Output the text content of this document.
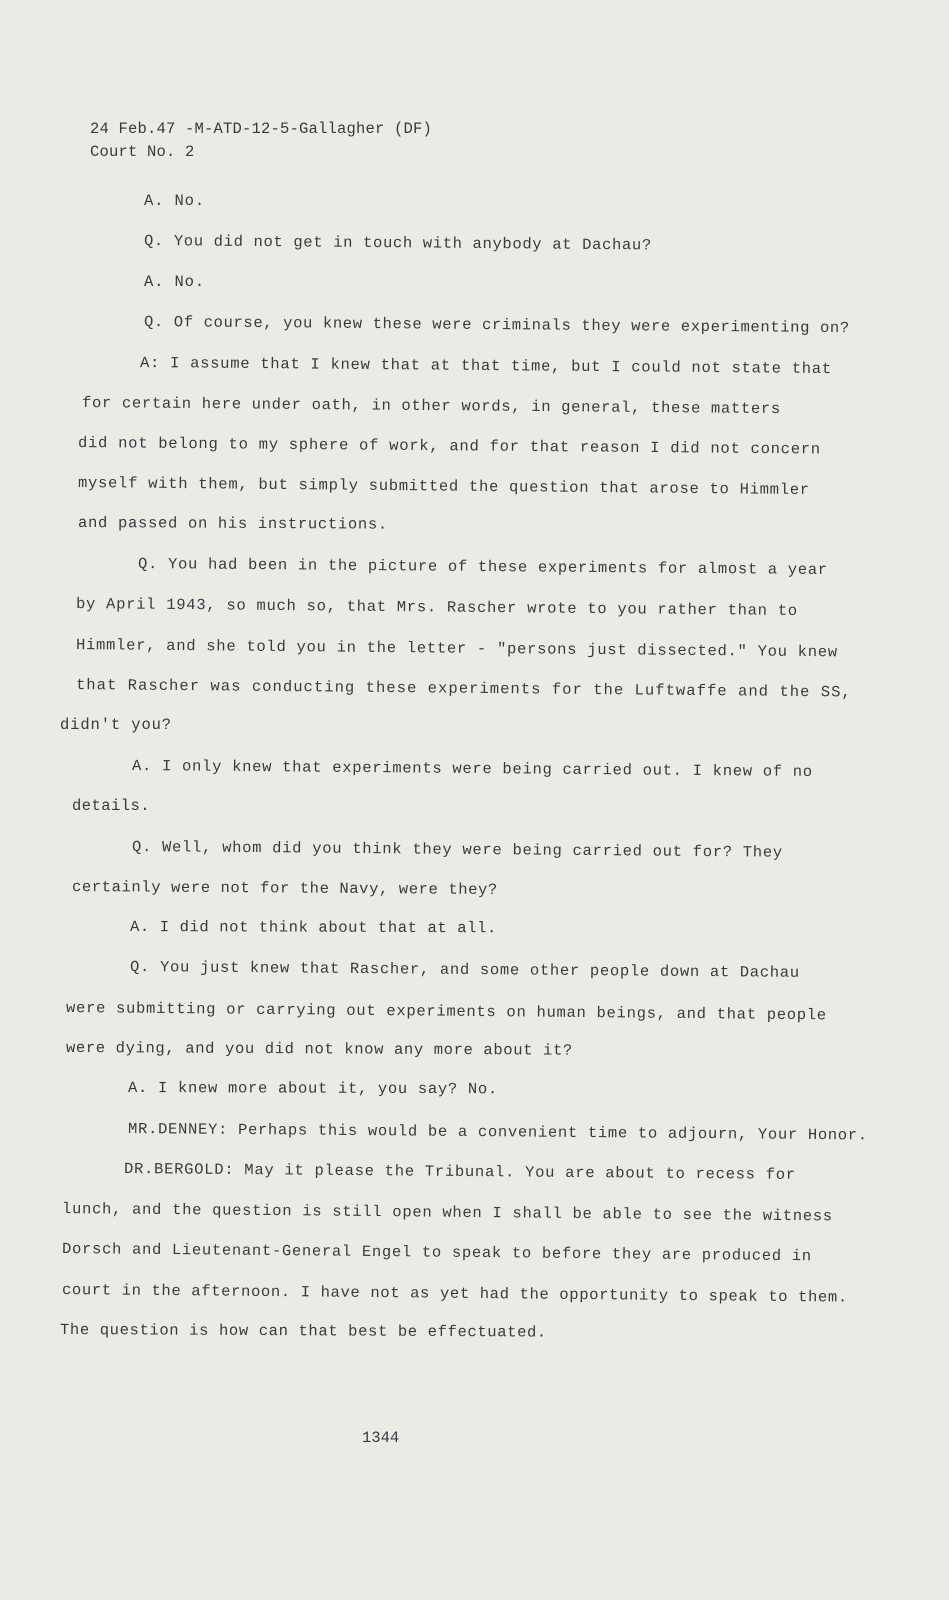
24 Feb.47 -M-ATD-12-5-Gallagher (DF)
Court No. 2
A. No.
Q. You did not get in touch with anybody at Dachau?
A. No.
Q. Of course, you knew these were criminals they were experimenting on?
A: I assume that I knew that at that time, but I could not state that
for certain here under oath, in other words, in general, these matters
did not belong to my sphere of work, and for that reason I did not concern
myself with them, but simply submitted the question that arose to Himmler
and passed on his instructions.
Q. You had been in the picture of these experiments for almost a year
by April 1943, so much so, that Mrs. Rascher wrote to you rather than to
Himmler, and she told you in the letter - "persons just dissected." You knew
that Rascher was conducting these experiments for the Luftwaffe and the SS,
didn't you?
A. I only knew that experiments were being carried out. I knew of no
details.
Q. Well, whom did you think they were being carried out for? They
certainly were not for the Navy, were they?
A. I did not think about that at all.
Q. You just knew that Rascher, and some other people down at Dachau
were submitting or carrying out experiments on human beings, and that people
were dying, and you did not know any more about it?
A. I knew more about it, you say? No.
MR.DENNEY: Perhaps this would be a convenient time to adjourn, Your Honor.
DR.BERGOLD: May it please the Tribunal. You are about to recess for
lunch, and the question is still open when I shall be able to see the witness
Dorsch and Lieutenant-General Engel to speak to before they are produced in
court in the afternoon. I have not as yet had the opportunity to speak to them.
The question is how can that best be effectuated.
1344
